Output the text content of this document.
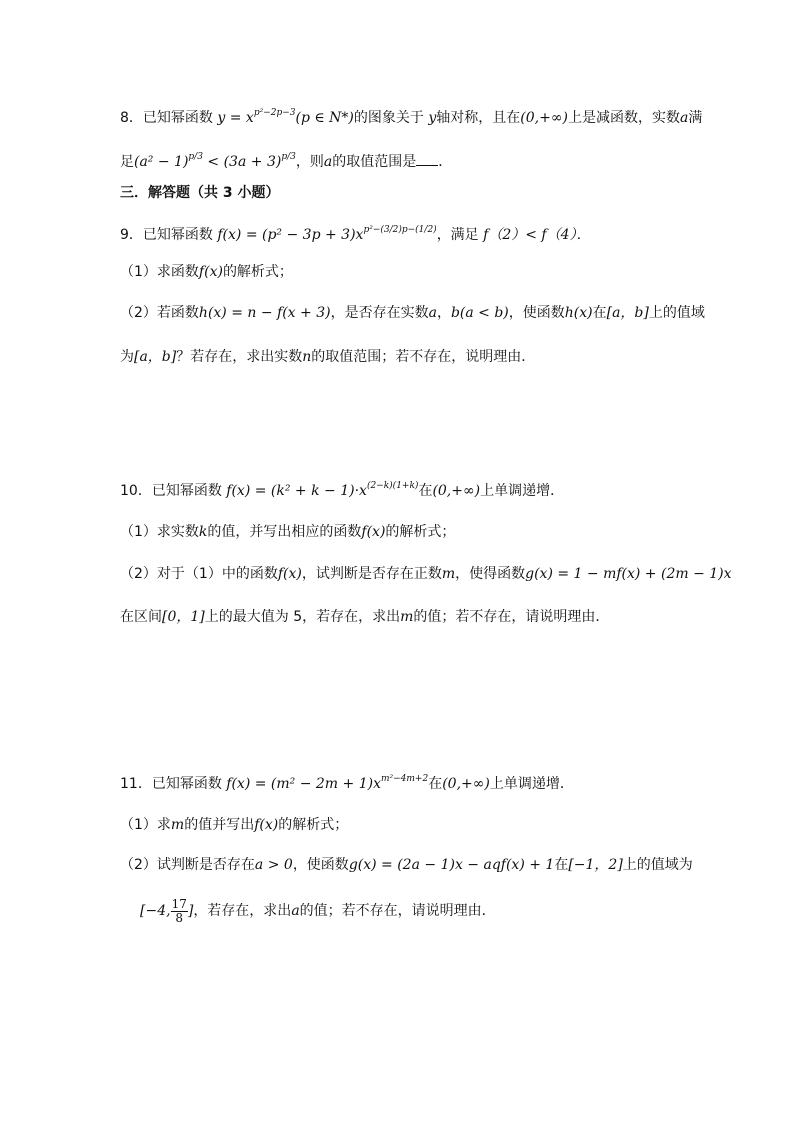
8．已知幂函数 $y = x^{p^2-2p-3}(p$ ∈ N*)的图象关于 y轴对称，且在(0,+∞)上是减函数，实数a满
足$(a^2 - 1)^{p/3} < (3a + 3)^{p/3}$，则a的取值范围是 ．
三．解答题（共 3 小题）
9．已知幂函数 $f(x) = (p^2 - 3p + 3)x^{p^2-(3/2)p-(1/2)}$，满足 f（2）< f（4）．
（1）求函数f(x)的解析式；
（2）若函数h(x) = n − f(x + 3)，是否存在实数a，b(a < b)，使函数h(x)在[a，b]上的值域
为[a，b]？若存在，求出实数n的取值范围；若不存在，说明理由．
10．已知幂函数 $f(x) = (k^2 + k - 1)\cdot x^{(2-k)(1+k)}$在(0,+∞)上单调递增．
（1）求实数k的值，并写出相应的函数f(x)的解析式；
（2）对于（1）中的函数f(x)，试判断是否存在正数m，使得函数g(x) = 1 − mf(x) + (2m − 1)x
在区间[0，1]上的最大值为 5，若存在，求出m的值；若不存在，请说明理由．
11．已知幂函数 $f(x) = (m^2 - 2m + 1)x^{m^2-4m+2}$在(0,+∞)上单调递增．
（1）求m的值并写出f(x)的解析式；
（2）试判断是否存在a > 0，使函数g(x) = (2a − 1)x − aqf(x) + 1在[−1，2]上的值域为
[−4, $\frac{17}{8}$ ]，若存在，求出a的值；若不存在，请说明理由．
